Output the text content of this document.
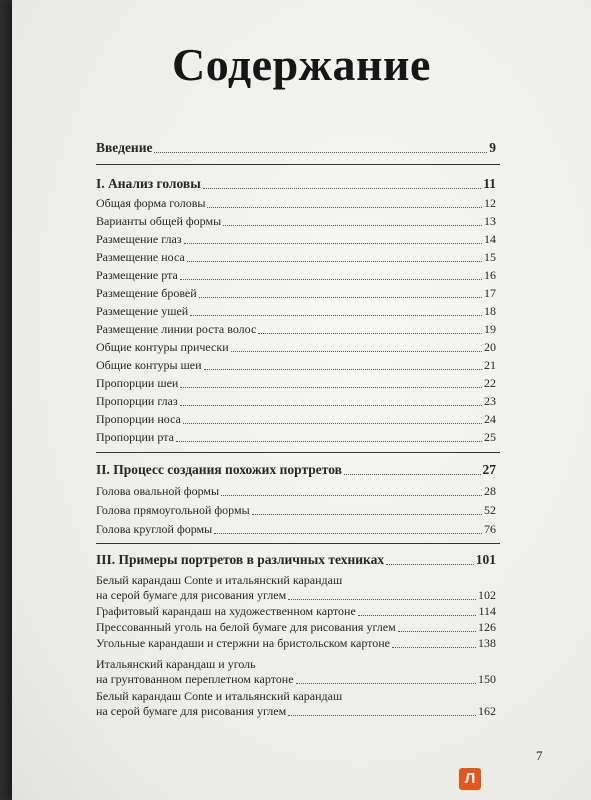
Содержание
Введение	9
I. Анализ головы	11
Общая форма головы	12
Варианты общей формы	13
Размещение глаз	14
Размещение носа	15
Размещение рта	16
Размещение бровей	17
Размещение ушей	18
Размещение линии роста волос	19
Общие контуры прически	20
Общие контуры шеи	21
Пропорции шеи	22
Пропорции глаз	23
Пропорции носа	24
Пропорции рта	25
II. Процесс создания похожих портретов	27
Голова овальной формы	28
Голова прямоугольной формы	52
Голова круглой формы	76
III. Примеры портретов в различных техниках	101
Белый карандаш Conte и итальянский карандаш
на серой бумаге для рисования углем	102
Графитовый карандаш на художественном картоне	114
Прессованный уголь на белой бумаге для рисования углем	126
Угольные карандаши и стержни на бристольском картоне	138
Итальянский карандаш и уголь
на грунтованном переплетном картоне	150
Белый карандаш Conte и итальянский карандаш
на серой бумаге для рисования углем	162
7
Л
